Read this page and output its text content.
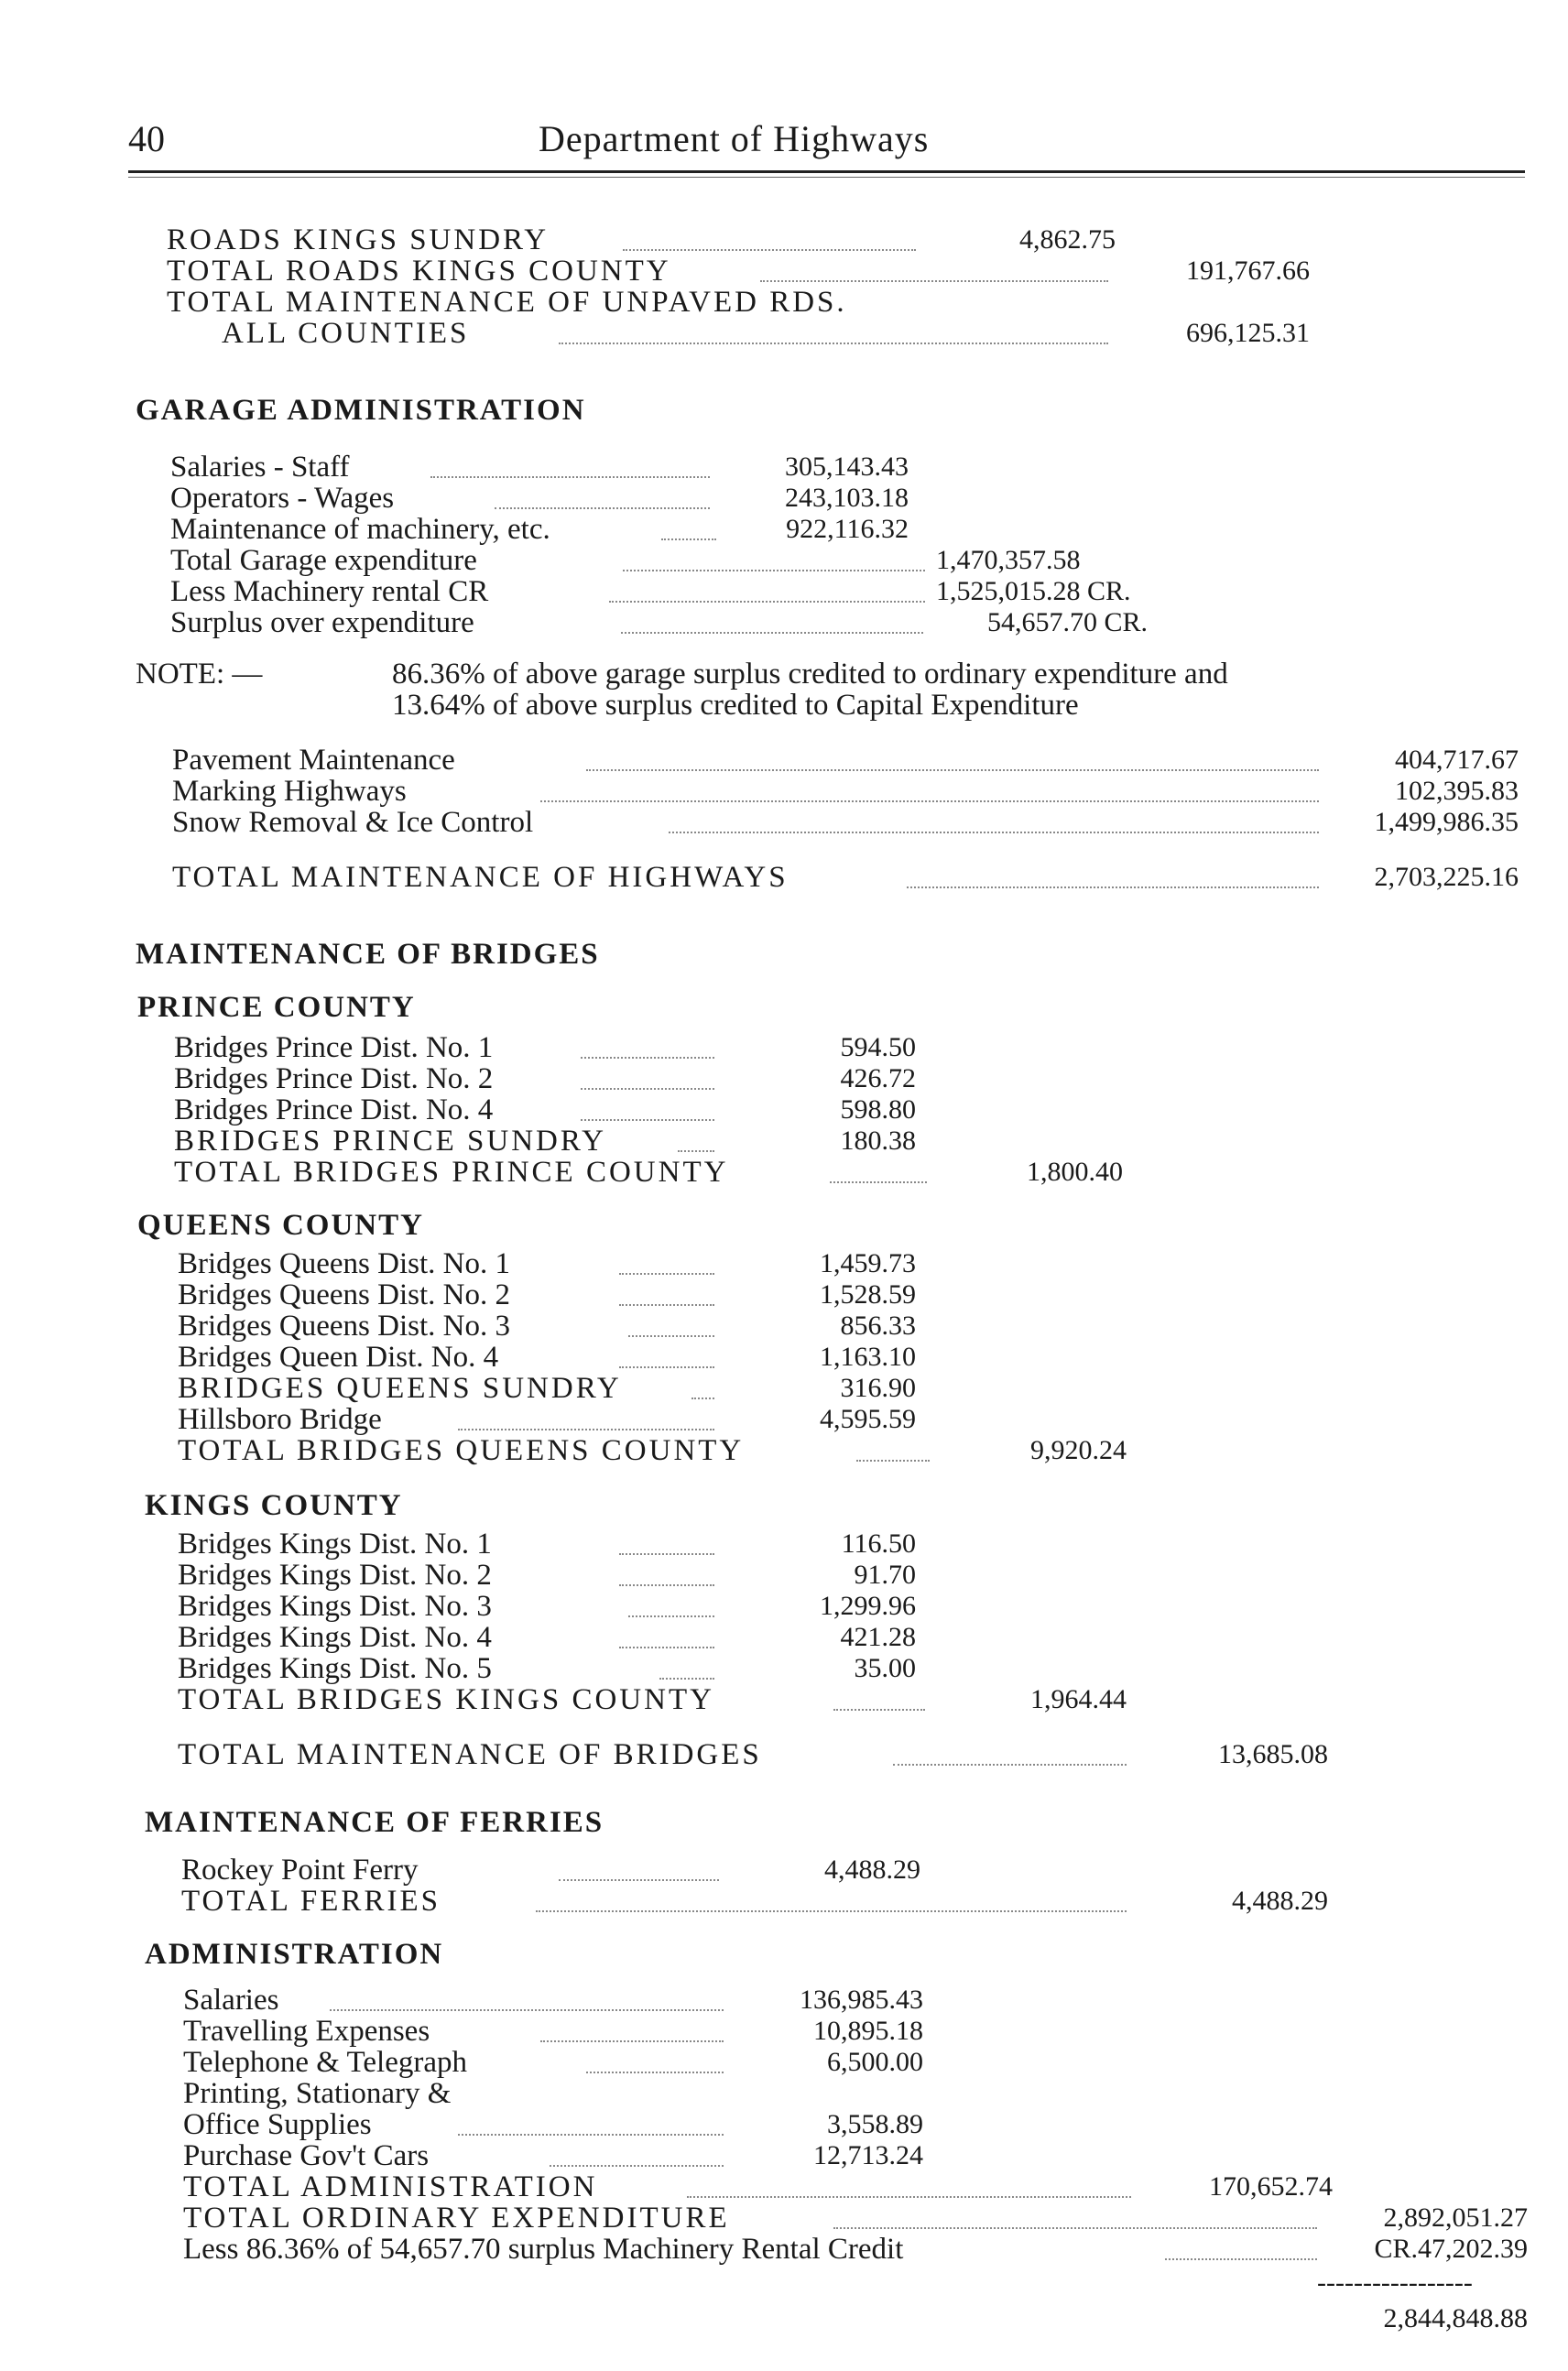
40	Department of Highways
ROADS KINGS SUNDRY	4,862.75
TOTAL ROADS KINGS COUNTY	191,767.66
TOTAL MAINTENANCE OF UNPAVED RDS.
ALL COUNTIES	696,125.31
GARAGE ADMINISTRATION
Salaries - Staff	305,143.43
Operators - Wages	243,103.18
Maintenance of machinery, etc.	922,116.32
Total Garage expenditure	1,470,357.58
Less Machinery rental CR	1,525,015.28 CR.
Surplus over expenditure	54,657.70 CR.
NOTE: —	86.36% of above garage surplus credited to ordinary expenditure and
13.64% of above surplus credited to Capital Expenditure
Pavement Maintenance	404,717.67
Marking Highways	102,395.83
Snow Removal & Ice Control	1,499,986.35
TOTAL MAINTENANCE OF HIGHWAYS	2,703,225.16
MAINTENANCE OF BRIDGES
PRINCE COUNTY
Bridges Prince Dist. No. 1	594.50
Bridges Prince Dist. No. 2	426.72
Bridges Prince Dist. No. 4	598.80
BRIDGES PRINCE SUNDRY	180.38
TOTAL BRIDGES PRINCE COUNTY	1,800.40
QUEENS COUNTY
Bridges Queens Dist. No. 1	1,459.73
Bridges Queens Dist. No. 2	1,528.59
Bridges Queens Dist. No. 3	856.33
Bridges Queen Dist. No. 4	1,163.10
BRIDGES QUEENS SUNDRY	316.90
Hillsboro Bridge	4,595.59
TOTAL BRIDGES QUEENS COUNTY	9,920.24
KINGS COUNTY
Bridges Kings Dist. No. 1	116.50
Bridges Kings Dist. No. 2	91.70
Bridges Kings Dist. No. 3	1,299.96
Bridges Kings Dist. No. 4	421.28
Bridges Kings Dist. No. 5	35.00
TOTAL BRIDGES KINGS COUNTY	1,964.44
TOTAL MAINTENANCE OF BRIDGES	13,685.08
MAINTENANCE OF FERRIES
Rockey Point Ferry	4,488.29
TOTAL FERRIES	4,488.29
ADMINISTRATION
Salaries	136,985.43
Travelling Expenses	10,895.18
Telephone & Telegraph	6,500.00
Printing, Stationary &
Office Supplies	3,558.89
Purchase Gov't Cars	12,713.24
TOTAL ADMINISTRATION	170,652.74
TOTAL ORDINARY EXPENDITURE	2,892,051.27
Less 86.36% of 54,657.70 surplus Machinery Rental Credit	CR.47,202.39
-----------------
2,844,848.88
